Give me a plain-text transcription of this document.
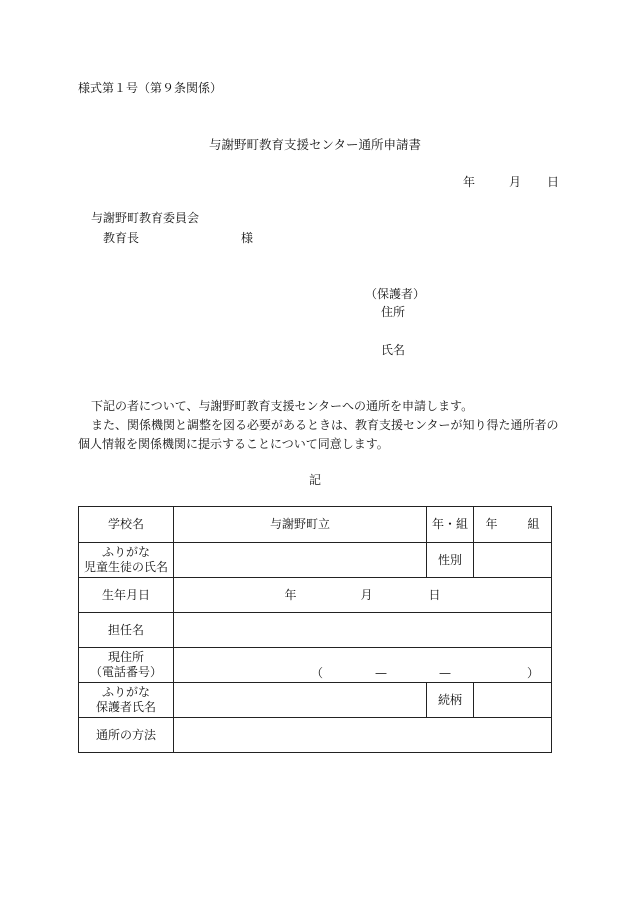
様式第１号（第９条関係）
与謝野町教育支援センター通所申請書
年	月 日
与謝野町教育委員会
教育長	様
（保護者）
住所
氏名
下記の者について、与謝野町教育支援センターへの通所を申請します。
また、関係機関と調整を図る必要があるときは、教育支援センターが知り得た通所者の
個人情報を関係機関に提示することについて同意します。
記
学校名	与謝野町立	年・組	年 組
ふりがな
児童生徒の氏名		性別	
生年月日	年 月 日		
担任名			
現住所
（電話番号）	（ — — ）		

ふりがな
保護者氏名		続柄	
通所の方法			
